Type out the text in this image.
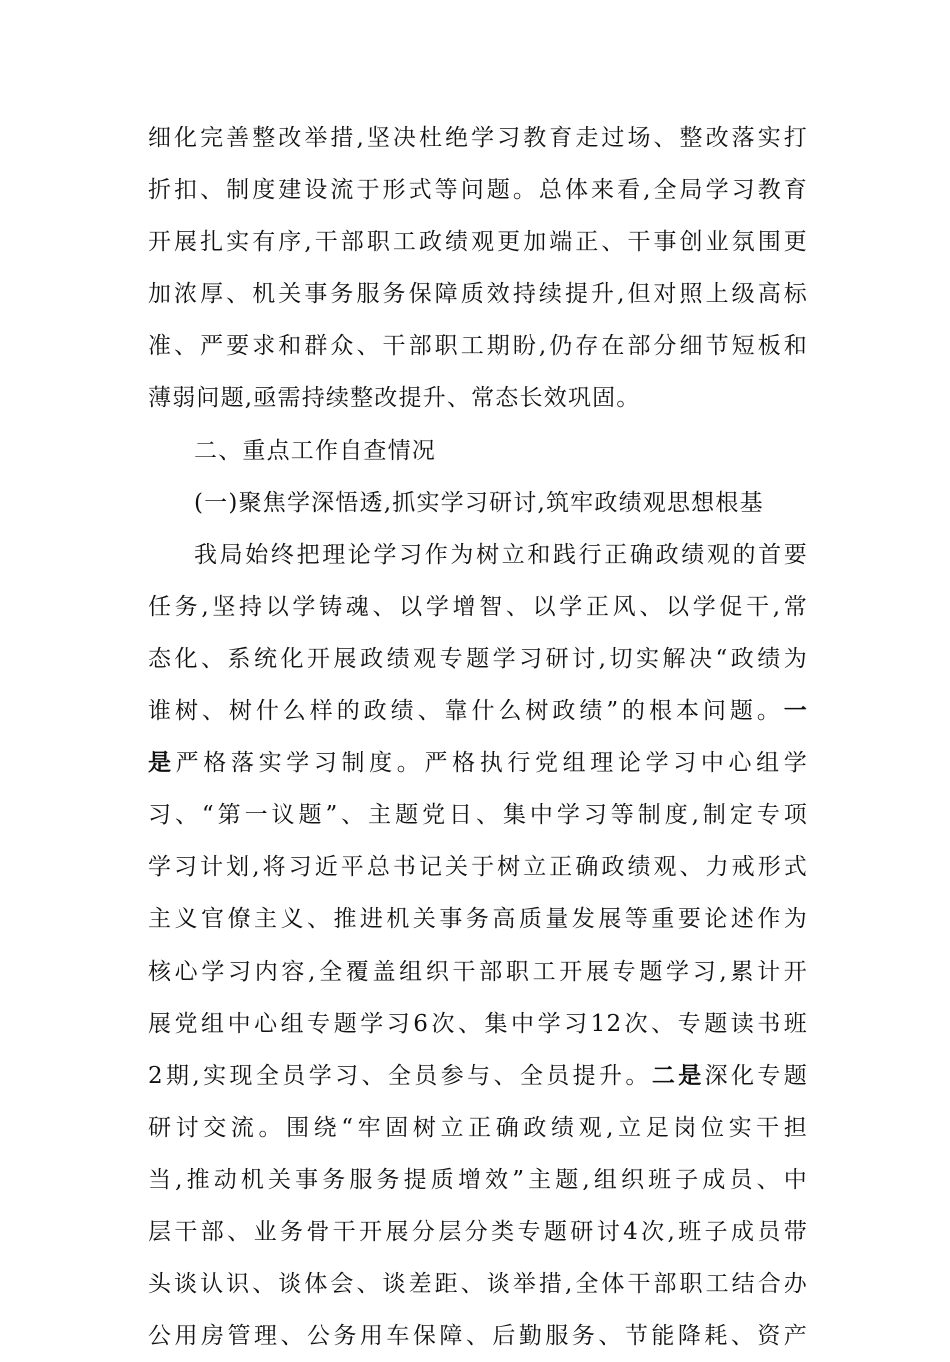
细化完善整改举措,坚决杜绝学习教育走过场、整改落实打
折扣、制度建设流于形式等问题。总体来看,全局学习教育
开展扎实有序,干部职工政绩观更加端正、干事创业氛围更
加浓厚、机关事务服务保障质效持续提升,但对照上级高标
准、严要求和群众、干部职工期盼,仍存在部分细节短板和
薄弱问题,亟需持续整改提升、常态长效巩固。
二、重点工作自查情况
(一)聚焦学深悟透,抓实学习研讨,筑牢政绩观思想根基
我局始终把理论学习作为树立和践行正确政绩观的首要
任务,坚持以学铸魂、以学增智、以学正风、以学促干,常
态化、系统化开展政绩观专题学习研讨,切实解决“政绩为
谁树、树什么样的政绩、靠什么树政绩”的根本问题。一
是严格落实学习制度。严格执行党组理论学习中心组学
习、“第一议题”、主题党日、集中学习等制度,制定专项
学习计划,将习近平总书记关于树立正确政绩观、力戒形式
主义官僚主义、推进机关事务高质量发展等重要论述作为
核心学习内容,全覆盖组织干部职工开展专题学习,累计开
展党组中心组专题学习6次、集中学习12次、专题读书班
2期,实现全员学习、全员参与、全员提升。二是深化专题
研讨交流。围绕“牢固树立正确政绩观,立足岗位实干担
当,推动机关事务服务提质增效”主题,组织班子成员、中
层干部、业务骨干开展分层分类专题研讨4次,班子成员带
头谈认识、谈体会、谈差距、谈举措,全体干部职工结合办
公用房管理、公务用车保障、后勤服务、节能降耗、资产
